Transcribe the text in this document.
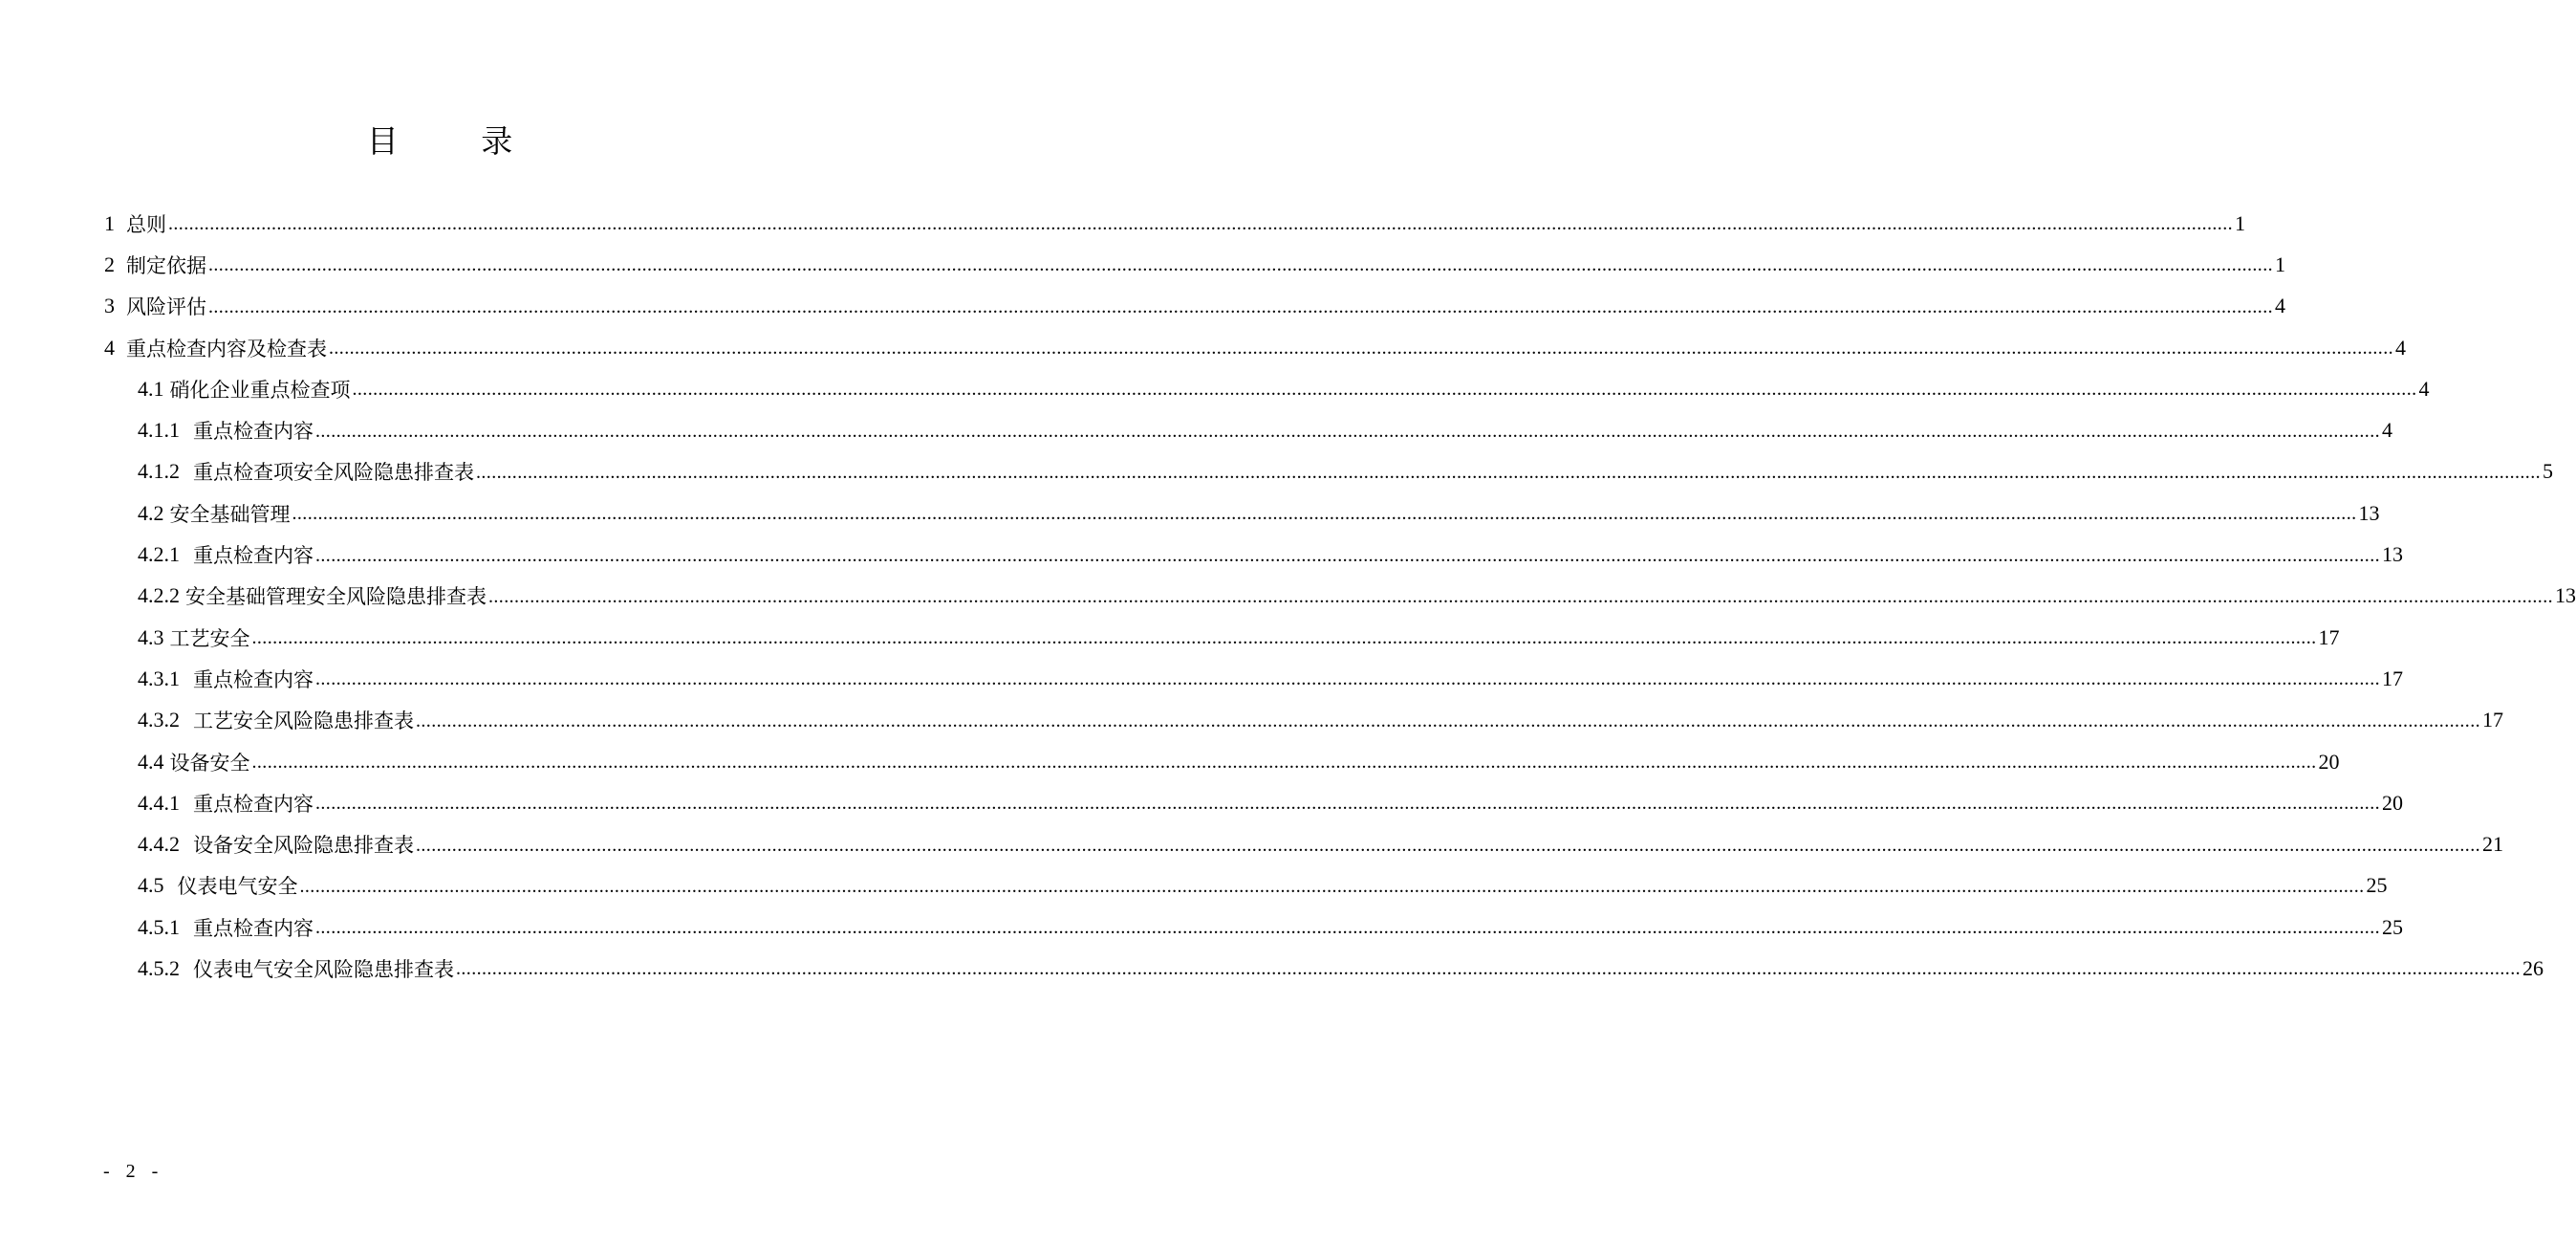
目 录
1 总则 ................................................................................................................................................................................................................................................................................................................................................................................................................ 1
2 制定依据 ................................................................................................................................................................................................................................................................................................................................................................................................................ 1
3 风险评估 ................................................................................................................................................................................................................................................................................................................................................................................................................ 4
4 重点检查内容及检查表 ................................................................................................................................................................................................................................................................................................................................................................................................................ 4
4.1 硝化企业重点检查项 ................................................................................................................................................................................................................................................................................................................................................................................................................ 4
4.1.1 重点检查内容 ................................................................................................................................................................................................................................................................................................................................................................................................................ 4
4.1.2 重点检查项安全风险隐患排查表 ................................................................................................................................................................................................................................................................................................................................................................................................................ 5
4.2 安全基础管理 ................................................................................................................................................................................................................................................................................................................................................................................................................ 13
4.2.1 重点检查内容 ................................................................................................................................................................................................................................................................................................................................................................................................................ 13
4.2.2 安全基础管理安全风险隐患排查表 ................................................................................................................................................................................................................................................................................................................................................................................................................ 13
4.3 工艺安全 ................................................................................................................................................................................................................................................................................................................................................................................................................ 17
4.3.1 重点检查内容 ................................................................................................................................................................................................................................................................................................................................................................................................................ 17
4.3.2 工艺安全风险隐患排查表 ................................................................................................................................................................................................................................................................................................................................................................................................................ 17
4.4 设备安全 ................................................................................................................................................................................................................................................................................................................................................................................................................ 20
4.4.1 重点检查内容 ................................................................................................................................................................................................................................................................................................................................................................................................................ 20
4.4.2 设备安全风险隐患排查表 ................................................................................................................................................................................................................................................................................................................................................................................................................ 21
4.5 仪表电气安全 ................................................................................................................................................................................................................................................................................................................................................................................................................ 25
4.5.1 重点检查内容 ................................................................................................................................................................................................................................................................................................................................................................................................................ 25
4.5.2 仪表电气安全风险隐患排查表 ................................................................................................................................................................................................................................................................................................................................................................................................................ 26
- 2 -
